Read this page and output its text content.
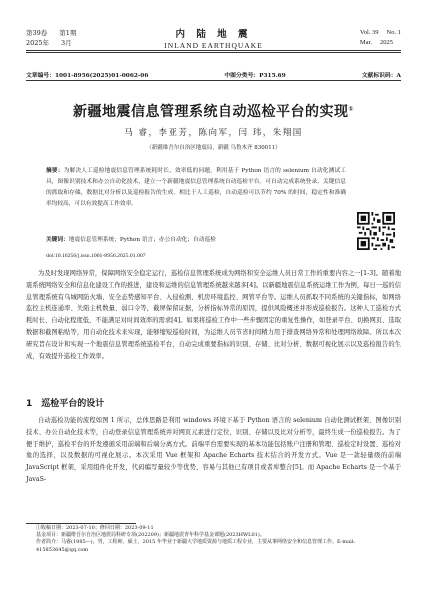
第39卷 第1期
2025年 3月
内 陆 地 震
INLAND EARTHQUAKE
Vol. 39 No. 1
Mar. 2025
文章编号：1001-8956(2025)01-0062-06	中图分类号：P315.69	文献标识码：A
新疆地震信息管理系统自动巡检平台的实现①
马 睿，李亚芳，陈向军，闫 玮，朱翔国
（新疆维吾尔自治区地震局，新疆 乌鲁木齐 830011）
摘要：为解决人工巡检地震信息管理系统耗时长、效率低的问题，利用基于 Python 语言的 selenium 自动化测试工具，图像识别技术和办公自动化技术，建立一个新疆地震信息管理系统自动巡检平台。可自动完成系统登录、关键信息的抓取和存储，数据比对分析以及巡检报告的生成。相比于人工巡检，自动巡检可以节约 70% 的时间，稳定性和准确率均较高，可以有效提高工作效率。
关键词：地震信息管理系统；Python 语言；办公自动化；自动巡检
doi:10.16256/j.issn.1001-8956.2025.01.007
为及时发现网络异常，保障网络安全稳定运行，巡检信息管理系统成为网络和安全运维人员日常工作的重要内容之一[1-3]。随着地震系统网络安全和信息化建设工作的推进，建设和运维的信息管理系统越来越多[4]。以新疆地震信息系统运维工作为例，每日一巡的信息管理系统有乌城网防火墙、安全态势感知平台、入侵检测、机房环境监控、网管平台等。运维人员抓取不同系统的关键指标，如网络监控主机连通率、失陷主机数量、弱口令等，截屏保留证据，分析指标异常的原因，提供风险概述并形成巡检报告。这种人工巡检方式耗时长、自动化程度低，不能满足对时间效率的需求[4]。如果将巡检工作中一些步骤固定的重复性操作，如登录平台、切换网页、选取数据和截图粘贴等，用自动化技术来实现，能够缩短巡检时间，为运维人员节省时间精力用于排查网络异常和处理网络故障。所以本次研究旨在设计和实现一个地震信息管理系统巡检平台，自动完成重要指标的识别、存储、比对分析、数据可视化展示以及巡检报告的生成，有效提升巡检工作效率。
1　巡检平台的设计
自动巡检功能的流程如图 1 所示，总体思路是利用 windows 环境下基于 Python 语言的 selenium 自动化测试框架、图像识别技术、办公自动化技术等，自动登录信息管理系统并对网页元素进行定位、识别、存储以及比对分析等，最终生成一份巡检报告。为了便于维护，巡检平台的开发遵循采用前端和后端分离方式。前端平台需要实现的基本功能包括账户注册和管理、巡检定时设置、巡检对象的选择，以及数据的可视化展示。本次采用 Vue 框架和 Apache Echarts 技术结合的开发方式。Vue 是一款轻量级的前端 JavaScript 框架，采用组件化开发，代码编写量较少等优势，容易与其他已有项目或者库整合[5]。而 Apache Echarts 是一个基于 JavaS-
①收稿日期：2023-07-10；修回日期：2023-09-11
基金项目：新疆维吾尔自治区地震局科研专项(202209)；新疆地震青年科学基金课题(2023HWL01)。
作者简介：马睿(1985—)，男，工程师，硕士，2015 年毕业于新疆大学地质资源与地质工程专业，主要从事网络安全和信息管理工作。E-mail: 415853645@qq.com
